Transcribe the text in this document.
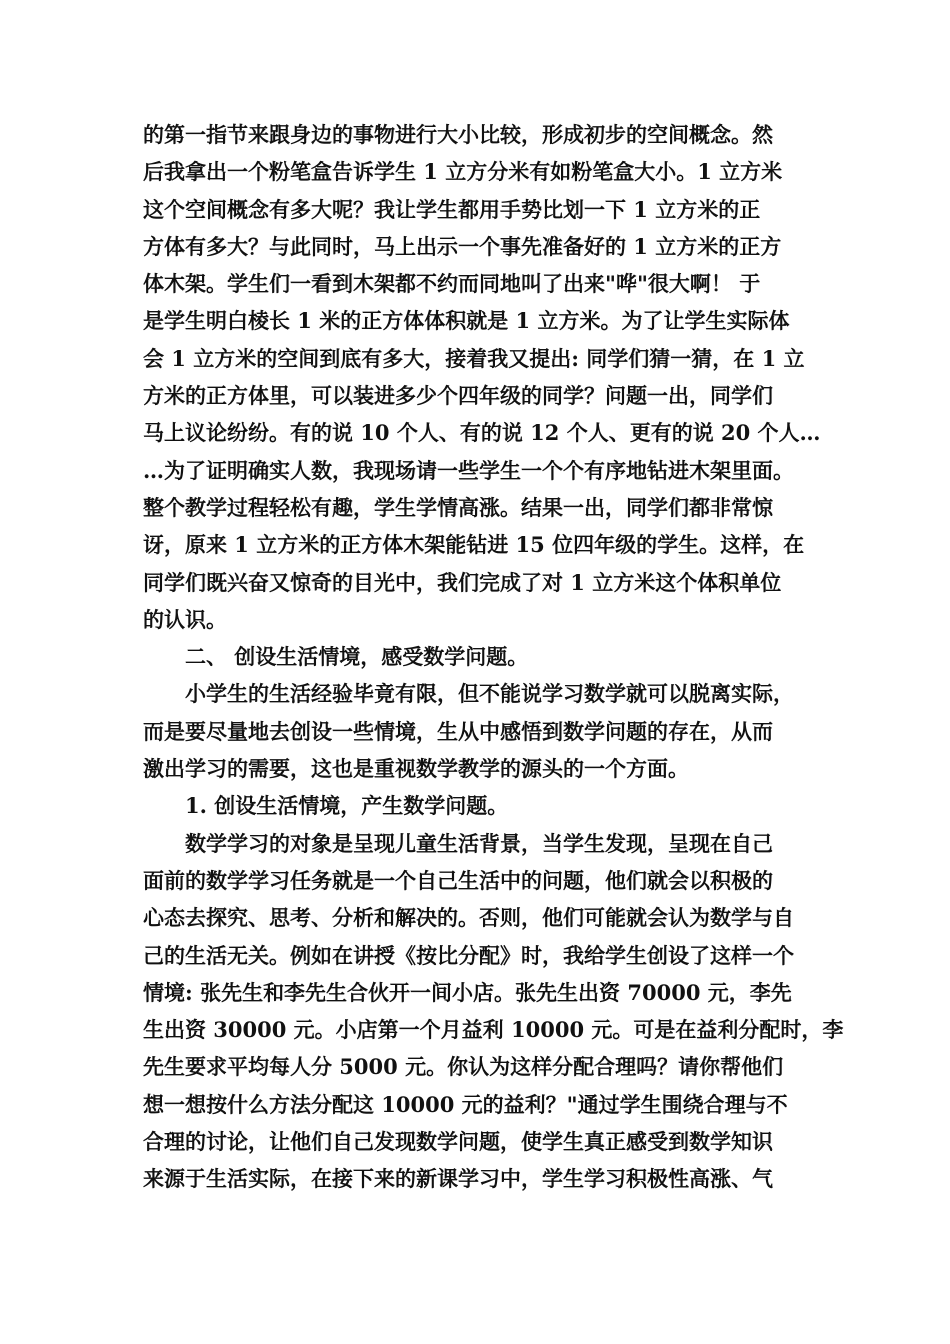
的第一指节来跟身边的事物进行大小比较，形成初步的空间概念。然
后我拿出一个粉笔盒告诉学生 1 立方分米有如粉笔盒大小。1 立方米
这个空间概念有多大呢？我让学生都用手势比划一下 1 立方米的正
方体有多大？与此同时，马上出示一个事先准备好的 1 立方米的正方
体木架。学生们一看到木架都不约而同地叫了出来"哗"很大啊！ 于
是学生明白棱长 1 米的正方体体积就是 1 立方米。为了让学生实际体
会 1 立方米的空间到底有多大，接着我又提出: 同学们猜一猜，在 1 立
方米的正方体里，可以装进多少个四年级的同学？问题一出，同学们
马上议论纷纷。有的说 10 个人、有的说 12 个人、更有的说 20 个人…
…为了证明确实人数，我现场请一些学生一个个有序地钻进木架里面。
整个教学过程轻松有趣，学生学情高涨。结果一出，同学们都非常惊
讶，原来 1 立方米的正方体木架能钻进 15 位四年级的学生。这样，在
同学们既兴奋又惊奇的目光中，我们完成了对 1 立方米这个体积单位
的认识。
二、 创设生活情境，感受数学问题。
小学生的生活经验毕竟有限，但不能说学习数学就可以脱离实际，
而是要尽量地去创设一些情境，生从中感悟到数学问题的存在，从而
激出学习的需要，这也是重视数学教学的源头的一个方面。
1. 创设生活情境，产生数学问题。
数学学习的对象是呈现儿童生活背景，当学生发现，呈现在自己
面前的数学学习任务就是一个自己生活中的问题，他们就会以积极的
心态去探究、思考、分析和解决的。否则，他们可能就会认为数学与自
己的生活无关。例如在讲授《按比分配》时，我给学生创设了这样一个
情境: 张先生和李先生合伙开一间小店。张先生出资 70000 元，李先
生出资 30000 元。小店第一个月益利 10000 元。可是在益利分配时，李
先生要求平均每人分 5000 元。你认为这样分配合理吗？请你帮他们
想一想按什么方法分配这 10000 元的益利？"通过学生围绕合理与不
合理的讨论，让他们自己发现数学问题，使学生真正感受到数学知识
来源于生活实际，在接下来的新课学习中，学生学习积极性高涨、气
